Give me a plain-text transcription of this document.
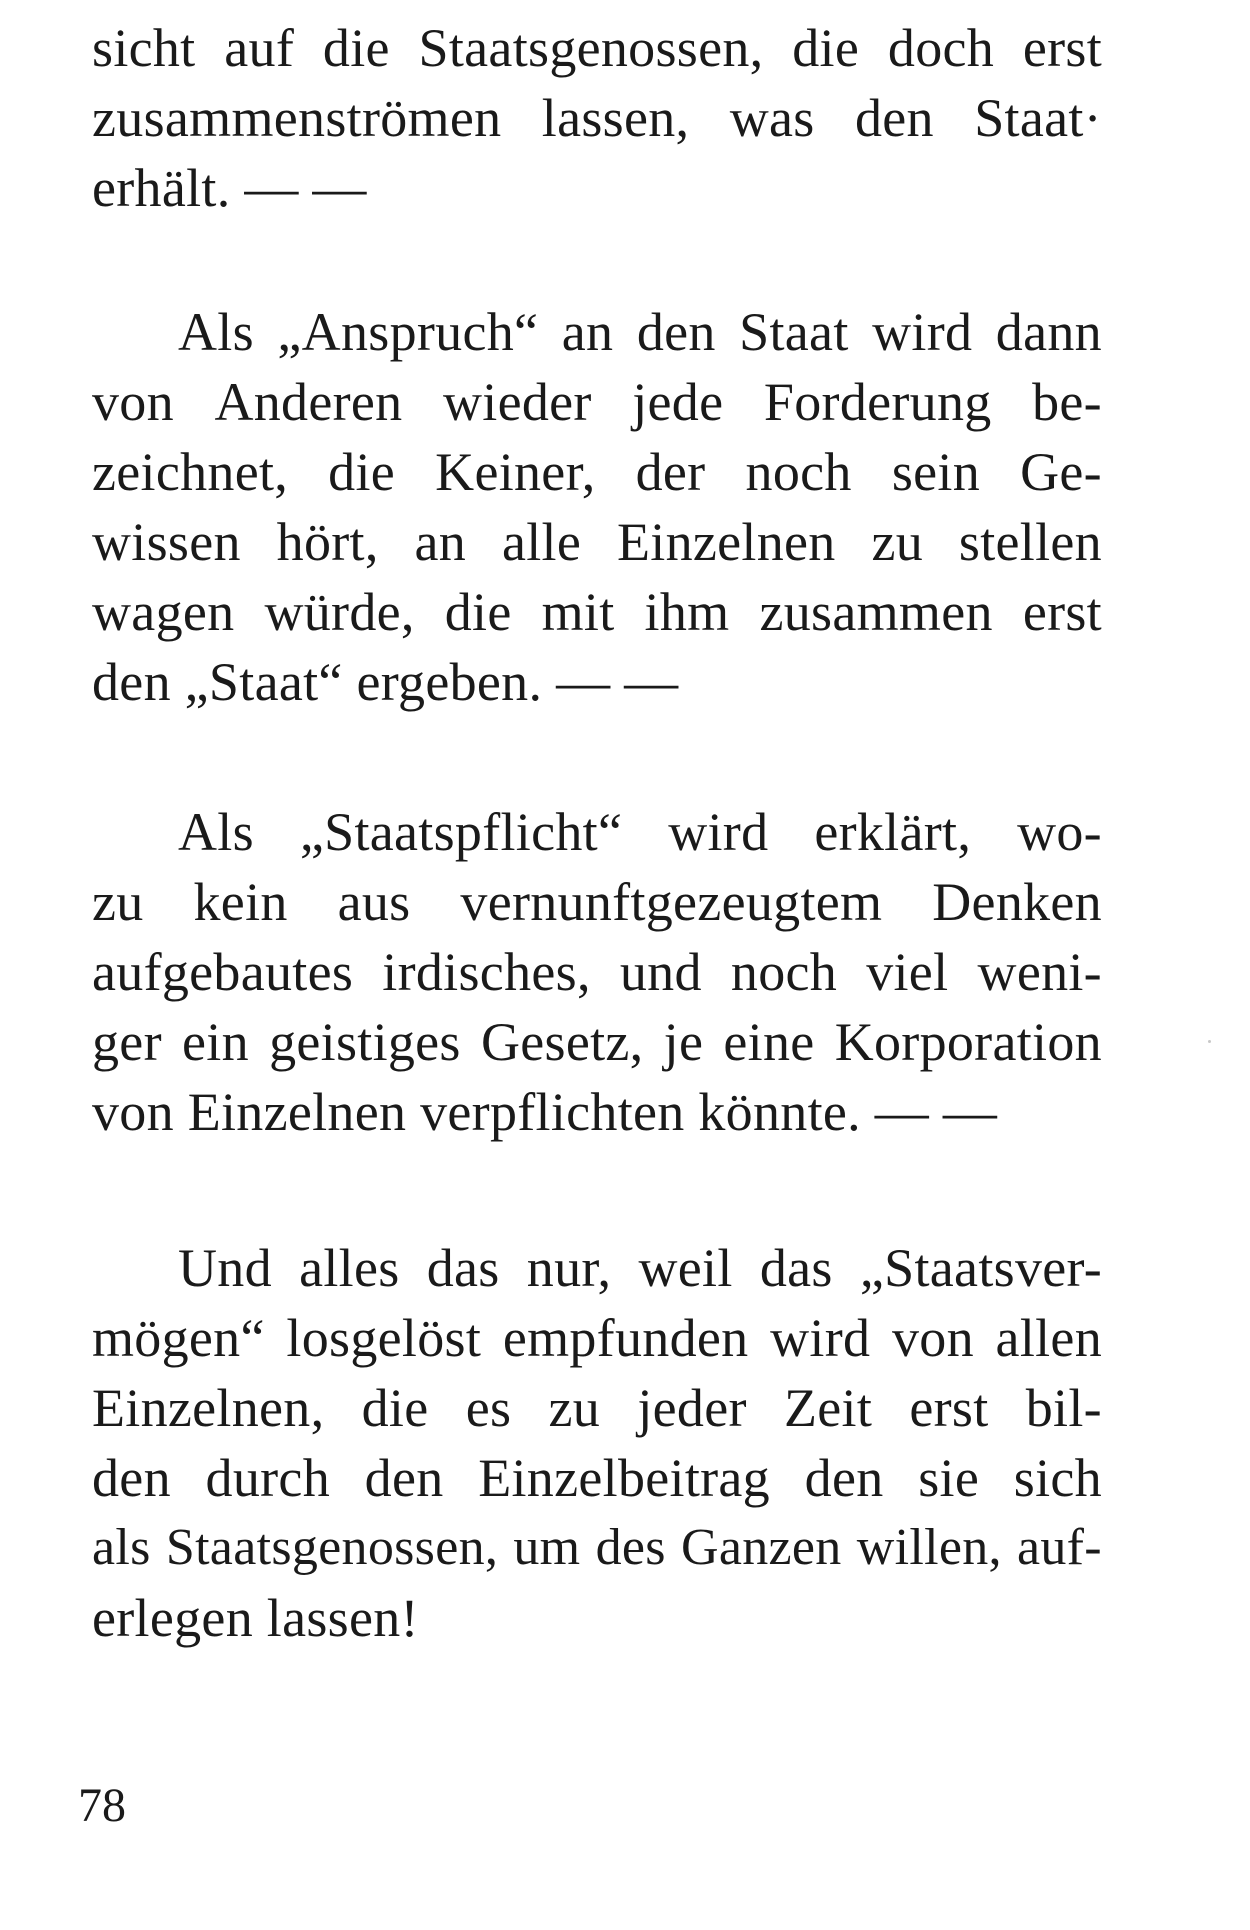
sicht auf die Staatsgenossen, die doch erst
zusammenströmen lassen, was den Staat·
erhält. — —
Als „Anspruch“ an den Staat wird dann
von Anderen wieder jede Forderung be-
zeichnet, die Keiner, der noch sein Ge-
wissen hört, an alle Einzelnen zu stellen
wagen würde, die mit ihm zusammen erst
den „Staat“ ergeben. — —
Als „Staatspflicht“ wird erklärt, wo-
zu kein aus vernunftgezeugtem Denken
aufgebautes irdisches, und noch viel weni-
ger ein geistiges Gesetz, je eine Korporation
von Einzelnen verpflichten könnte. — —
Und alles das nur, weil das „Staatsver-
mögen“ losgelöst empfunden wird von allen
Einzelnen, die es zu jeder Zeit erst bil-
den durch den Einzelbeitrag den sie sich
als Staatsgenossen, um des Ganzen willen, auf-
erlegen lassen!
78
